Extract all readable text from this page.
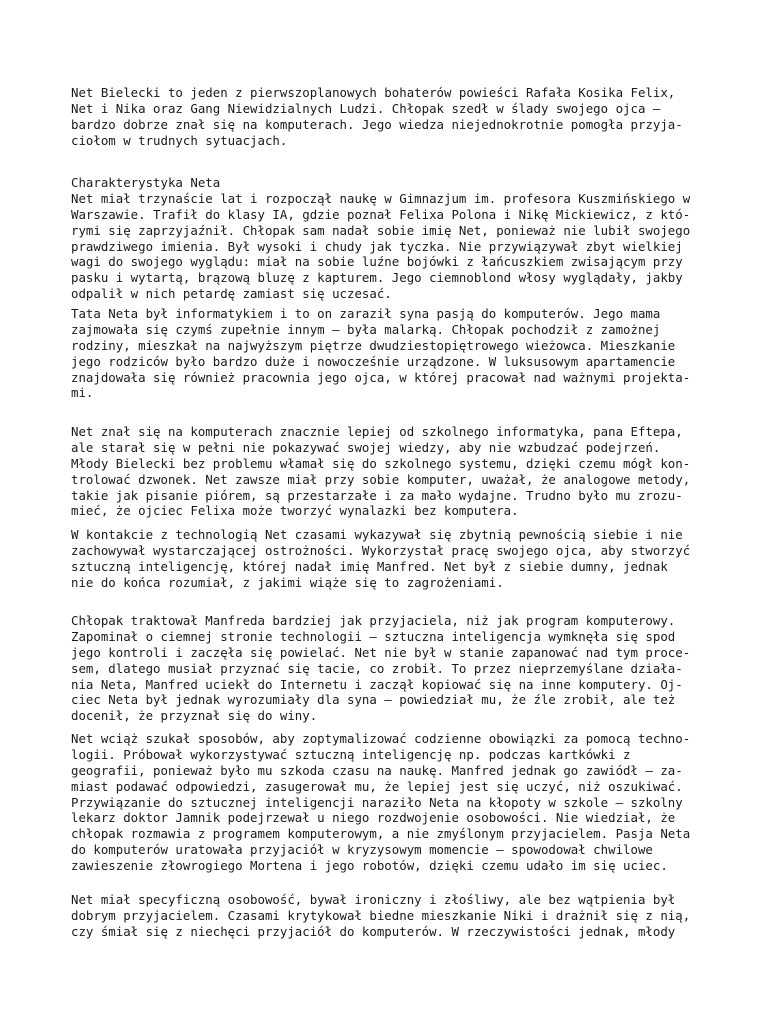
Net Bielecki to jeden z pierwszoplanowych bohaterów powieści Rafała Kosika Felix,
Net i Nika oraz Gang Niewidzialnych Ludzi. Chłopak szedł w ślady swojego ojca –
bardzo dobrze znał się na komputerach. Jego wiedza niejednokrotnie pomogła przyja-
ciołom w trudnych sytuacjach.
Charakterystyka Neta
Net miał trzynaście lat i rozpoczął naukę w Gimnazjum im. profesora Kuszmińskiego w
Warszawie. Trafił do klasy IA, gdzie poznał Felixa Polona i Nikę Mickiewicz, z któ-
rymi się zaprzyjaźnił. Chłopak sam nadał sobie imię Net, ponieważ nie lubił swojego
prawdziwego imienia. Był wysoki i chudy jak tyczka. Nie przywiązywał zbyt wielkiej
wagi do swojego wyglądu: miał na sobie luźne bojówki z łańcuszkiem zwisającym przy
pasku i wytartą, brązową bluzę z kapturem. Jego ciemnoblond włosy wyglądały, jakby
odpalił w nich petardę zamiast się uczesać.
Tata Neta był informatykiem i to on zaraził syna pasją do komputerów. Jego mama
zajmowała się czymś zupełnie innym – była malarką. Chłopak pochodził z zamożnej
rodziny, mieszkał na najwyższym piętrze dwudziestopiętrowego wieżowca. Mieszkanie
jego rodziców było bardzo duże i nowocześnie urządzone. W luksusowym apartamencie
znajdowała się również pracownia jego ojca, w której pracował nad ważnymi projekta-
mi.
Net znał się na komputerach znacznie lepiej od szkolnego informatyka, pana Eftepa,
ale starał się w pełni nie pokazywać swojej wiedzy, aby nie wzbudzać podejrzeń.
Młody Bielecki bez problemu włamał się do szkolnego systemu, dzięki czemu mógł kon-
trolować dzwonek. Net zawsze miał przy sobie komputer, uważał, że analogowe metody,
takie jak pisanie piórem, są przestarzałe i za mało wydajne. Trudno było mu zrozu-
mieć, że ojciec Felixa może tworzyć wynalazki bez komputera.
W kontakcie z technologią Net czasami wykazywał się zbytnią pewnością siebie i nie
zachowywał wystarczającej ostrożności. Wykorzystał pracę swojego ojca, aby stworzyć
sztuczną inteligencję, której nadał imię Manfred. Net był z siebie dumny, jednak
nie do końca rozumiał, z jakimi wiąże się to zagrożeniami.
Chłopak traktował Manfreda bardziej jak przyjaciela, niż jak program komputerowy.
Zapominał o ciemnej stronie technologii — sztuczna inteligencja wymknęła się spod
jego kontroli i zaczęła się powielać. Net nie był w stanie zapanować nad tym proce-
sem, dlatego musiał przyznać się tacie, co zrobił. To przez nieprzemyślane działa-
nia Neta, Manfred uciekł do Internetu i zaczął kopiować się na inne komputery. Oj-
ciec Neta był jednak wyrozumiały dla syna – powiedział mu, że źle zrobił, ale też
docenił, że przyznał się do winy.
Net wciąż szukał sposobów, aby zoptymalizować codzienne obowiązki za pomocą techno-
logii. Próbował wykorzystywać sztuczną inteligencję np. podczas kartkówki z
geografii, ponieważ było mu szkoda czasu na naukę. Manfred jednak go zawiódł – za-
miast podawać odpowiedzi, zasugerował mu, że lepiej jest się uczyć, niż oszukiwać.
Przywiązanie do sztucznej inteligencji naraziło Neta na kłopoty w szkole – szkolny
lekarz doktor Jamnik podejrzewał u niego rozdwojenie osobowości. Nie wiedział, że
chłopak rozmawia z programem komputerowym, a nie zmyślonym przyjacielem. Pasja Neta
do komputerów uratowała przyjaciół w kryzysowym momencie – spowodował chwilowe
zawieszenie złowrogiego Mortena i jego robotów, dzięki czemu udało im się uciec.
Net miał specyficzną osobowość, bywał ironiczny i złośliwy, ale bez wątpienia był
dobrym przyjacielem. Czasami krytykował biedne mieszkanie Niki i drażnił się z nią,
czy śmiał się z niechęci przyjaciół do komputerów. W rzeczywistości jednak, młody
